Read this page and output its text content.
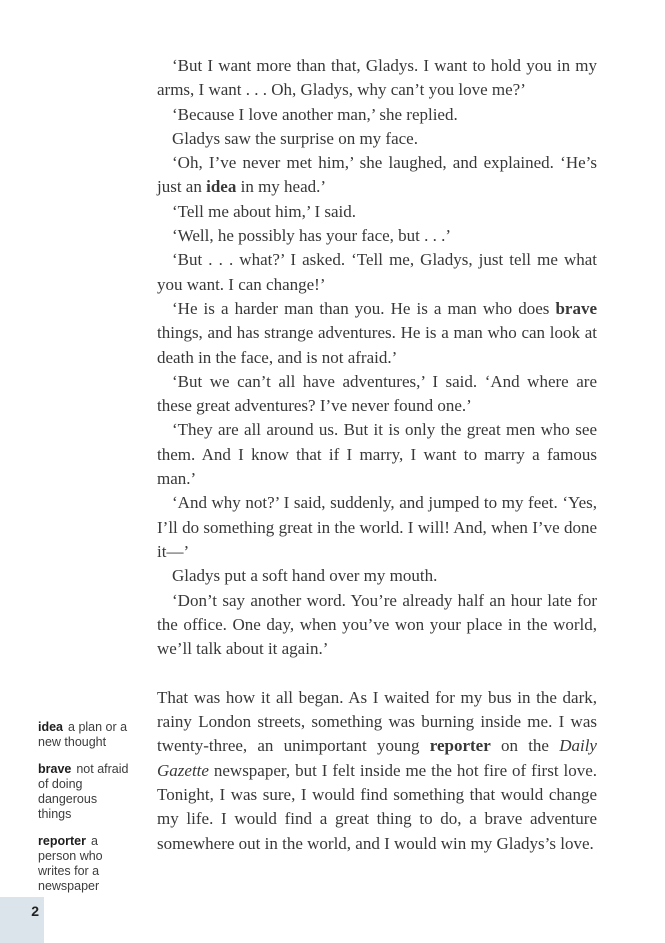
‘But I want more than that, Gladys. I want to hold you in my arms, I want . . . Oh, Gladys, why can’t you love me?’

‘Because I love another man,’ she replied.

Gladys saw the surprise on my face.

‘Oh, I’ve never met him,’ she laughed, and explained. ‘He’s just an idea in my head.’

‘Tell me about him,’ I said.

‘Well, he possibly has your face, but . . .’

‘But . . . what?’ I asked. ‘Tell me, Gladys, just tell me what you want. I can change!’

‘He is a harder man than you. He is a man who does brave things, and has strange adventures. He is a man who can look at death in the face, and is not afraid.’

‘But we can’t all have adventures,’ I said. ‘And where are these great adventures? I’ve never found one.’

‘They are all around us. But it is only the great men who see them. And I know that if I marry, I want to marry a famous man.’

‘And why not?’ I said, suddenly, and jumped to my feet. ‘Yes, I’ll do something great in the world. I will! And, when I’ve done it—’

Gladys put a soft hand over my mouth.

‘Don’t say another word. You’re already half an hour late for the office. One day, when you’ve won your place in the world, we’ll talk about it again.’

That was how it all began. As I waited for my bus in the dark, rainy London streets, something was burning inside me. I was twenty-three, an unimportant young reporter on the Daily Gazette newspaper, but I felt inside me the hot fire of first love. Tonight, I was sure, I would find something that would change my life. I would find a great thing to do, a brave adventure somewhere out in the world, and I would win my Gladys’s love.

idea a plan or a new thought
brave not afraid of doing dangerous things
reporter a person who writes for a newspaper
2
